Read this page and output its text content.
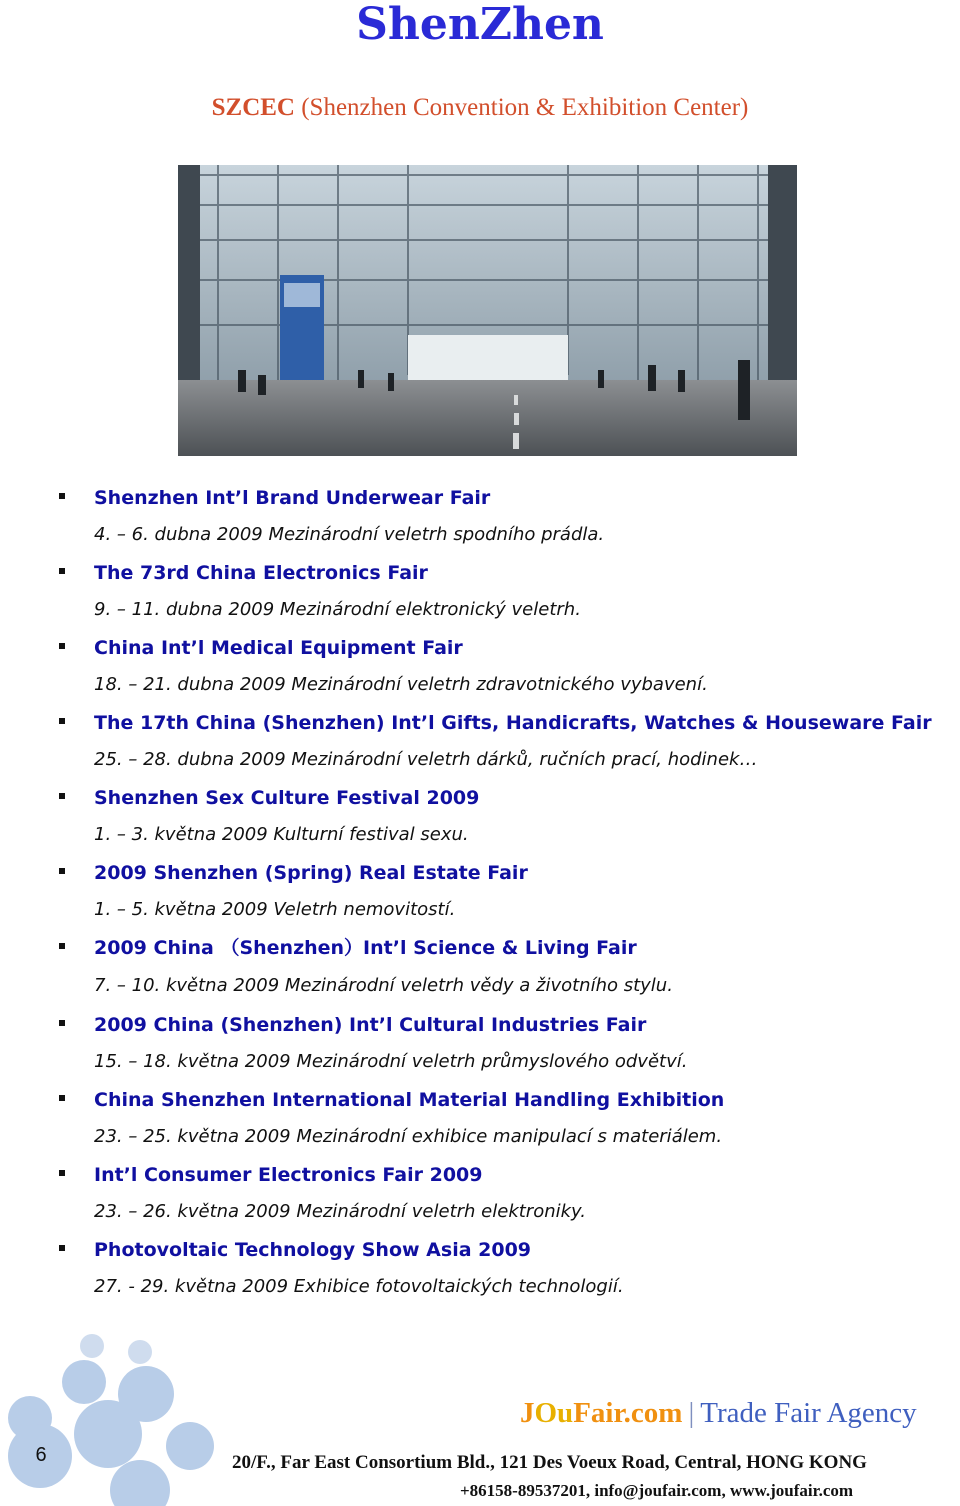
ShenZhen
SZCEC (Shenzhen Convention & Exhibition Center)
Shenzhen Int’l Brand Underwear Fair
4. – 6. dubna 2009 Mezinárodní veletrh spodního prádla.
The 73rd China Electronics Fair
9. – 11. dubna 2009 Mezinárodní elektronický veletrh.
China Int’l Medical Equipment Fair
18. – 21. dubna 2009 Mezinárodní veletrh zdravotnického vybavení.
The 17th China (Shenzhen) Int’l Gifts, Handicrafts, Watches & Houseware Fair
25. – 28. dubna 2009 Mezinárodní veletrh dárků, ručních prací, hodinek…
Shenzhen Sex Culture Festival 2009
1. – 3. května 2009 Kulturní festival sexu.
2009 Shenzhen (Spring) Real Estate Fair
1. – 5. května 2009 Veletrh nemovitostí.
2009 China （Shenzhen）Int’l Science & Living Fair
7. – 10. května 2009 Mezinárodní veletrh vědy a životního stylu.
2009 China (Shenzhen) Int’l Cultural Industries Fair
15. – 18. května 2009 Mezinárodní veletrh průmyslového odvětví.
China Shenzhen International Material Handling Exhibition
23. – 25. května 2009 Mezinárodní exhibice manipulací s materiálem.
Int’l Consumer Electronics Fair 2009
23. – 26. května 2009 Mezinárodní veletrh elektroniky.
Photovoltaic Technology Show Asia 2009
27. - 29. května 2009 Exhibice fotovoltaických technologií.
6
JOuFair.com | Trade Fair Agency
20/F., Far East Consortium Bld., 121 Des Voeux Road, Central, HONG KONG
+86158-89537201, info@joufair.com, www.joufair.com
